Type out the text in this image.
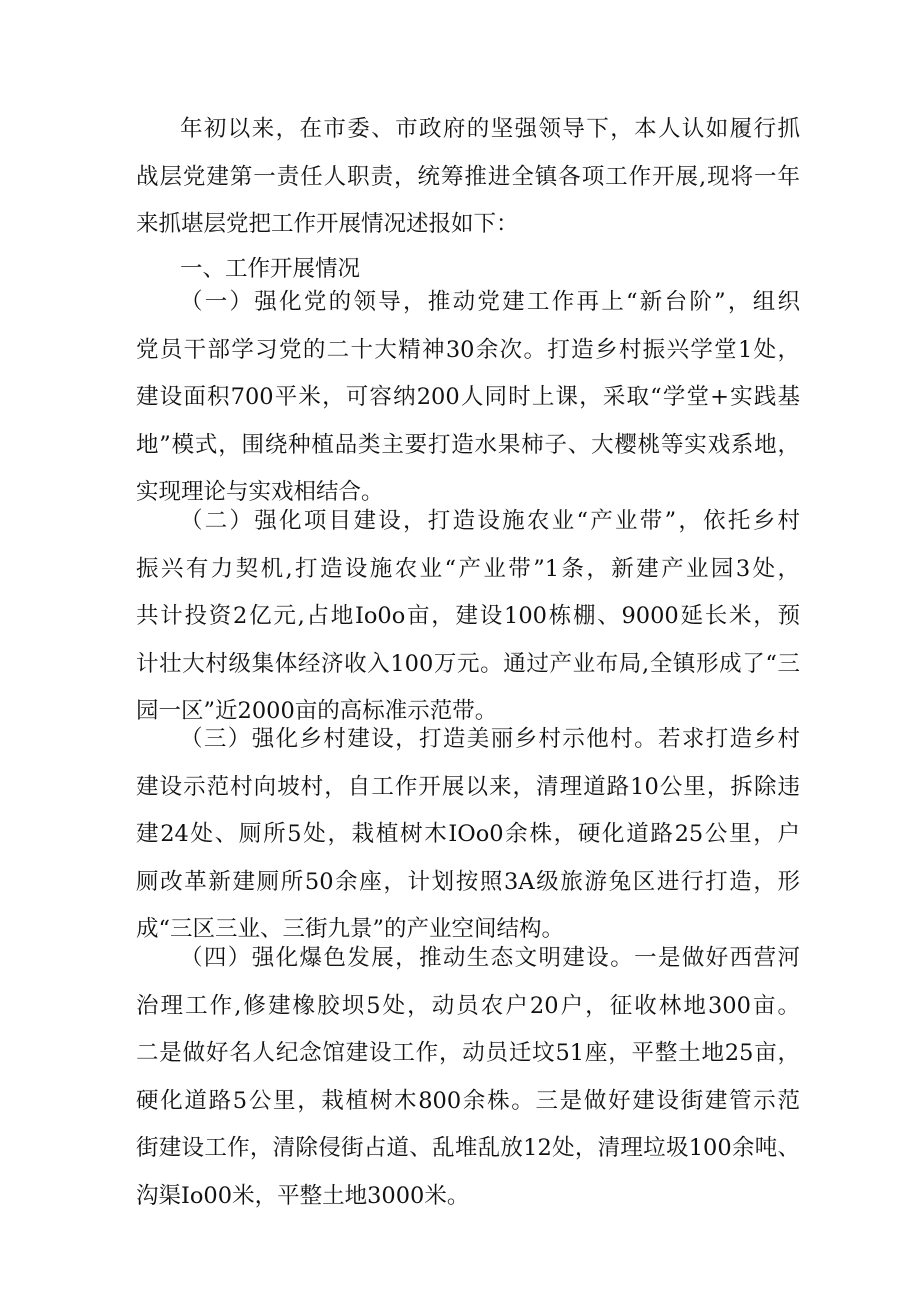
年初以来，在市委、市政府的坚强领导下，本人认如履行抓
战层党建第一责任人职责，统筹推进全镇各项工作开展,现将一年
来抓堪层党把工作开展情况述报如下：

一、工作开展情况

（一）强化党的领导，推动党建工作再上“新台阶”，组织
党员干部学习党的二十大精神30余次。打造乡村振兴学堂1处，
建设面积700平米，可容纳200人同时上课，采取“学堂+实践基
地”模式，围绕种植品类主要打造水果柿子、大樱桃等实戏系地，
实现理论与实戏相结合。

（二）强化项目建设，打造设施农业“产业带”，依托乡村
振兴有力契机,打造设施农业“产业带”1条，新建产业园3处，
共计投资2亿元,占地Io0o亩，建设100栋棚、9000延长米，预
计壮大村级集体经济收入100万元。通过产业布局,全镇形成了“三
园一区”近2000亩的高标准示范带。

（三）强化乡村建设，打造美丽乡村示他村。若求打造乡村
建设示范村向坡村，自工作开展以来，清理道路10公里，拆除违
建24处、厕所5处，栽植树木IOo0余株，硬化道路25公里，户
厕改革新建厕所50余座，计划按照3A级旅游兔区进行打造，形
成“三区三业、三街九景”的产业空间结构。

（四）强化爆色发展，推动生态文明建设。一是做好西营河
治理工作,修建橡胶坝5处，动员农户20户，征收林地300亩。
二是做好名人纪念馆建设工作，动员迁坟51座，平整土地25亩，
硬化道路5公里，栽植树木800余株。三是做好建设街建管示范
街建设工作，清除侵街占道、乱堆乱放12处，清理垃圾100余吨、
沟渠Io00米，平整土地3000米。
